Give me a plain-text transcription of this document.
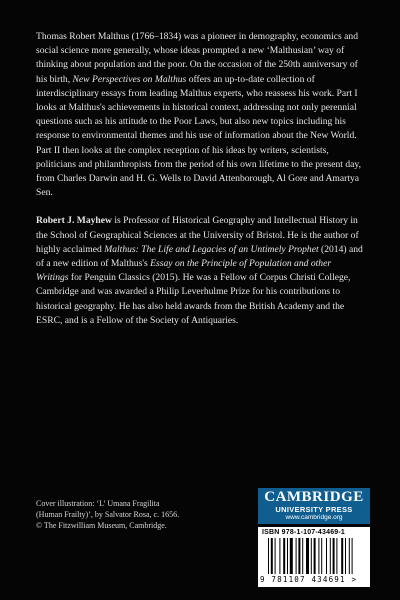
Thomas Robert Malthus (1766–1834) was a pioneer in demography, economics and social science more generally, whose ideas prompted a new ‘Malthusian’ way of thinking about population and the poor. On the occasion of the 250th anniversary of his birth, New Perspectives on Malthus offers an up-to-date collection of interdisciplinary essays from leading Malthus experts, who reassess his work. Part I looks at Malthus's achievements in historical context, addressing not only perennial questions such as his attitude to the Poor Laws, but also new topics including his response to environmental themes and his use of information about the New World. Part II then looks at the complex reception of his ideas by writers, scientists, politicians and philanthropists from the period of his own lifetime to the present day, from Charles Darwin and H. G. Wells to David Attenborough, Al Gore and Amartya Sen.

Robert J. Mayhew is Professor of Historical Geography and Intellectual History in the School of Geographical Sciences at the University of Bristol. He is the author of highly acclaimed Malthus: The Life and Legacies of an Untimely Prophet (2014) and of a new edition of Malthus's Essay on the Principle of Population and other Writings for Penguin Classics (2015). He was a Fellow of Corpus Christi College, Cambridge and was awarded a Philip Leverhulme Prize for his contributions to historical geography. He has also held awards from the British Academy and the ESRC, and is a Fellow of the Society of Antiquaries.

Cover illustration: ‘L’ Umana Fragilita
(Human Frailty)’, by Salvator Rosa, c. 1656.
© The Fitzwilliam Museum, Cambridge.
CAMBRIDGE
UNIVERSITY PRESS
www.cambridge.org
ISBN 978-1-107-43469-1
9 781107 434691 >
